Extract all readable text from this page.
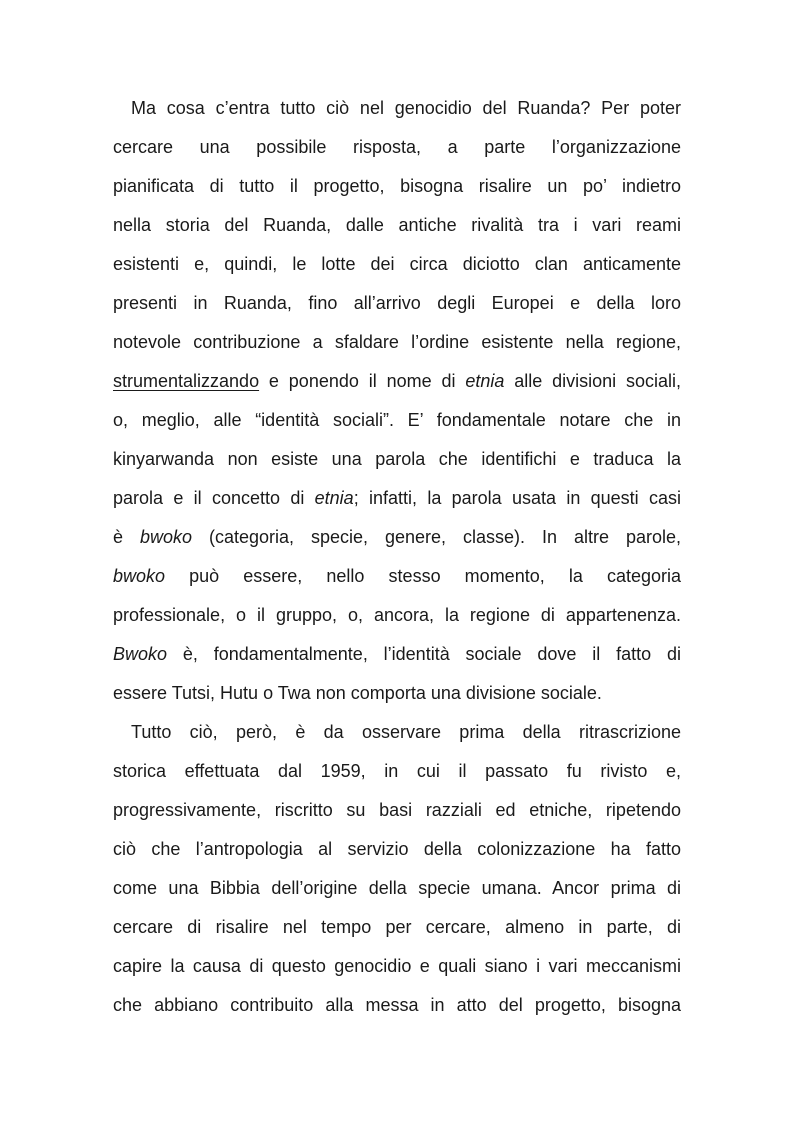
Ma cosa c’entra tutto ciò nel genocidio del Ruanda? Per poter
cercare una possibile risposta, a parte l’organizzazione
pianificata di tutto il progetto, bisogna risalire un po’ indietro
nella storia del Ruanda, dalle antiche rivalità tra i vari reami
esistenti e, quindi, le lotte dei circa diciotto clan anticamente
presenti in Ruanda, fino all’arrivo degli Europei e della loro
notevole contribuzione a sfaldare l’ordine esistente nella regione,
strumentalizzando e ponendo il nome di etnia alle divisioni sociali,
o, meglio, alle “identità sociali”. E’ fondamentale notare che in
kinyarwanda non esiste una parola che identifichi e traduca la
parola e il concetto di etnia; infatti, la parola usata in questi casi
è bwoko (categoria, specie, genere, classe). In altre parole,
bwoko può essere, nello stesso momento, la categoria
professionale, o il gruppo, o, ancora, la regione di appartenenza.
Bwoko è, fondamentalmente, l’identità sociale dove il fatto di
essere Tutsi, Hutu o Twa non comporta una divisione sociale.
Tutto ciò, però, è da osservare prima della ritrascrizione
storica effettuata dal 1959, in cui il passato fu rivisto e,
progressivamente, riscritto su basi razziali ed etniche, ripetendo
ciò che l’antropologia al servizio della colonizzazione ha fatto
come una Bibbia dell’origine della specie umana. Ancor prima di
cercare di risalire nel tempo per cercare, almeno in parte, di
capire la causa di questo genocidio e quali siano i vari meccanismi
che abbiano contribuito alla messa in atto del progetto, bisogna
